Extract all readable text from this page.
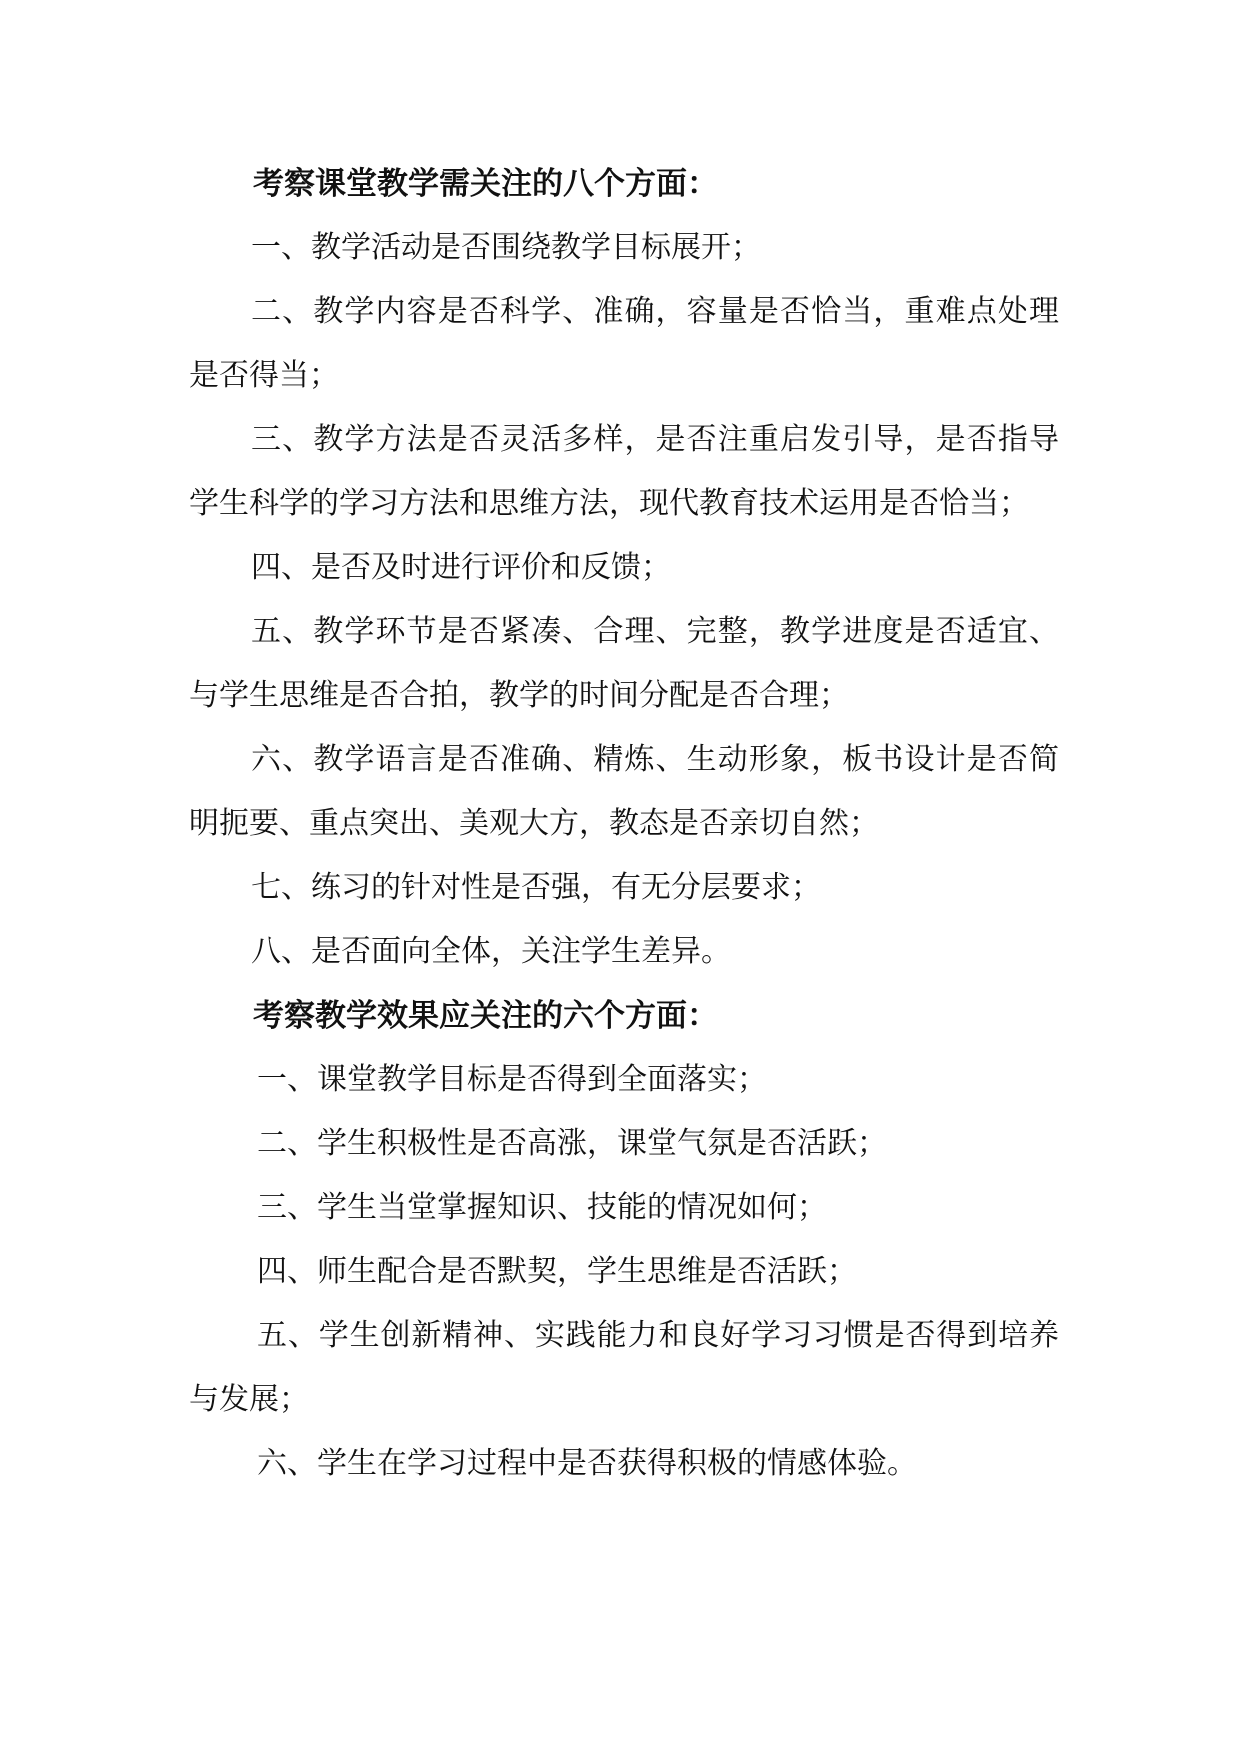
考察课堂教学需关注的八个方面：

一、教学活动是否围绕教学目标展开；

二、教学内容是否科学、准确，容量是否恰当，重难点处理是否得当；

三、教学方法是否灵活多样，是否注重启发引导，是否指导学生科学的学习方法和思维方法，现代教育技术运用是否恰当；

四、是否及时进行评价和反馈；

五、教学环节是否紧凑、合理、完整，教学进度是否适宜、与学生思维是否合拍，教学的时间分配是否合理；

六、教学语言是否准确、精炼、生动形象，板书设计是否简明扼要、重点突出、美观大方，教态是否亲切自然；

七、练习的针对性是否强，有无分层要求；

八、是否面向全体，关注学生差异。

考察教学效果应关注的六个方面：

一、课堂教学目标是否得到全面落实；

二、学生积极性是否高涨，课堂气氛是否活跃；

三、学生当堂掌握知识、技能的情况如何；

四、师生配合是否默契，学生思维是否活跃；

五、学生创新精神、实践能力和良好学习习惯是否得到培养与发展；

六、学生在学习过程中是否获得积极的情感体验。
